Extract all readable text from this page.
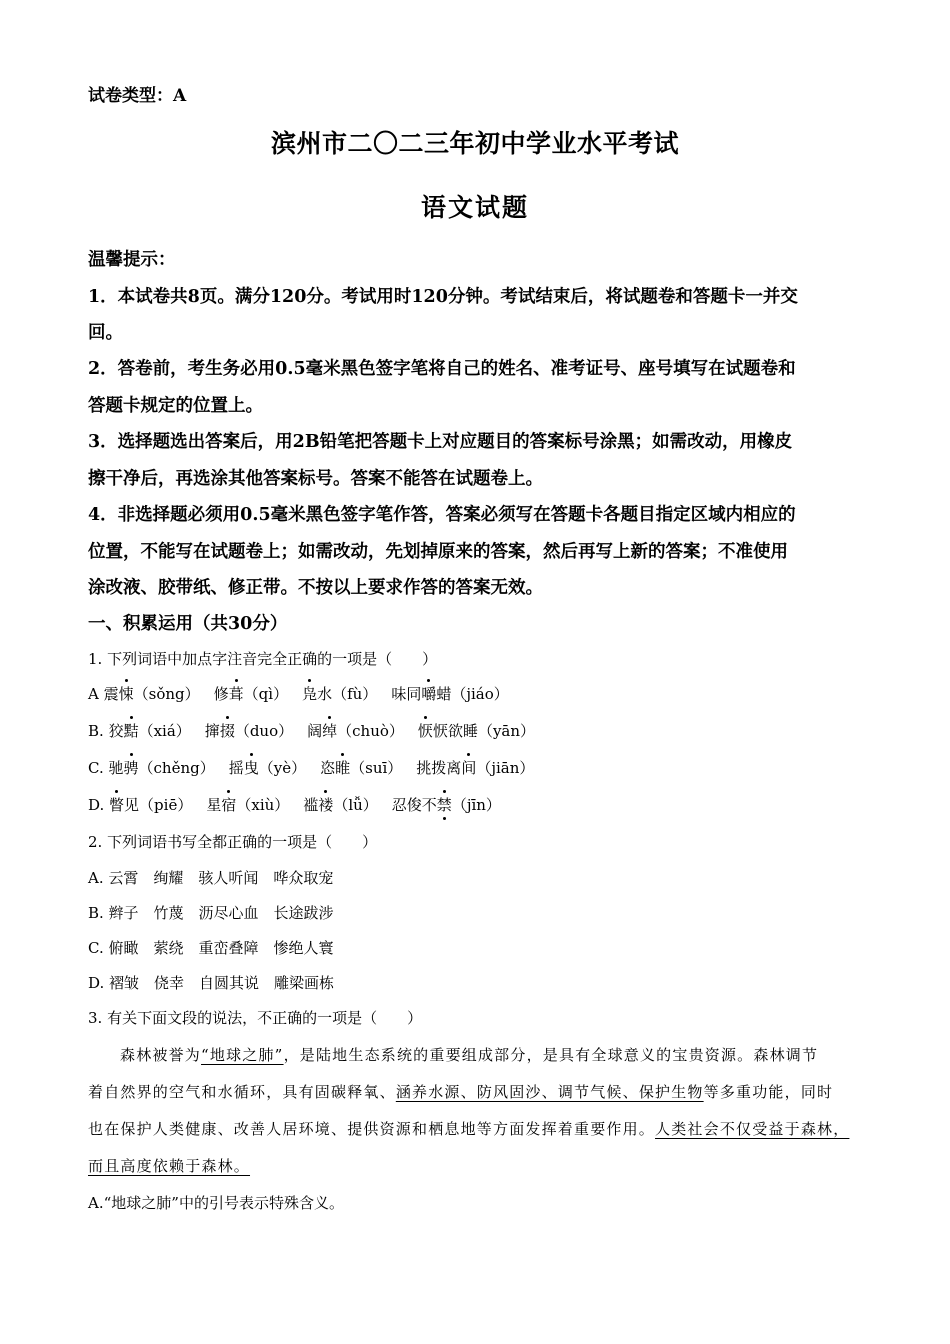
试卷类型：A
滨州市二〇二三年初中学业水平考试
语文试题
温馨提示：
1．本试卷共8页。满分120分。考试用时120分钟。考试结束后，将试题卷和答题卡一并交
回。
2．答卷前，考生务必用0.5毫米黑色签字笔将自己的姓名、准考证号、座号填写在试题卷和
答题卡规定的位置上。
3．选择题选出答案后，用2B铅笔把答题卡上对应题目的答案标号涂黑；如需改动，用橡皮
擦干净后，再选涂其他答案标号。答案不能答在试题卷上。
4．非选择题必须用0.5毫米黑色签字笔作答，答案必须写在答题卡各题目指定区域内相应的
位置，不能写在试题卷上；如需改动，先划掉原来的答案，然后再写上新的答案；不准使用
涂改液、胶带纸、修正带。不按以上要求作答的答案无效。
一、积累运用（共30分）
1. 下列词语中加点字注音完全正确的一项是（　　）
A 震悚（sǒng） 修葺（qì） 凫水（fù） 味同嚼蜡（jiáo）
B. 狡黠（xiá） 撺掇（duo） 阔绰（chuò） 恹恹欲睡（yān）
C. 驰骋（chěng） 摇曳（yè） 恣睢（suī） 挑拨离间（jiān）
D. 瞥见（piē） 星宿（xiù） 褴褛（lǚ） 忍俊不禁（jīn）
2. 下列词语书写全都正确的一项是（　　）
A. 云霄　绚耀　骇人听闻　哗众取宠
B. 辫子　竹蔑　沥尽心血　长途跋涉
C. 俯瞰　萦绕　重峦叠障　惨绝人寰
D. 褶皱　侥幸　自圆其说　雕梁画栋
3. 有关下面文段的说法，不正确的一项是（　　）
森林被誉为“地球之肺”，是陆地生态系统的重要组成部分，是具有全球意义的宝贵资源。森林调节
着自然界的空气和水循环，具有固碳释氧、涵养水源、防风固沙、调节气候、保护生物等多重功能，同时
也在保护人类健康、改善人居环境、提供资源和栖息地等方面发挥着重要作用。人类社会不仅受益于森林，
而且高度依赖于森林。
A.“地球之肺”中的引号表示特殊含义。
